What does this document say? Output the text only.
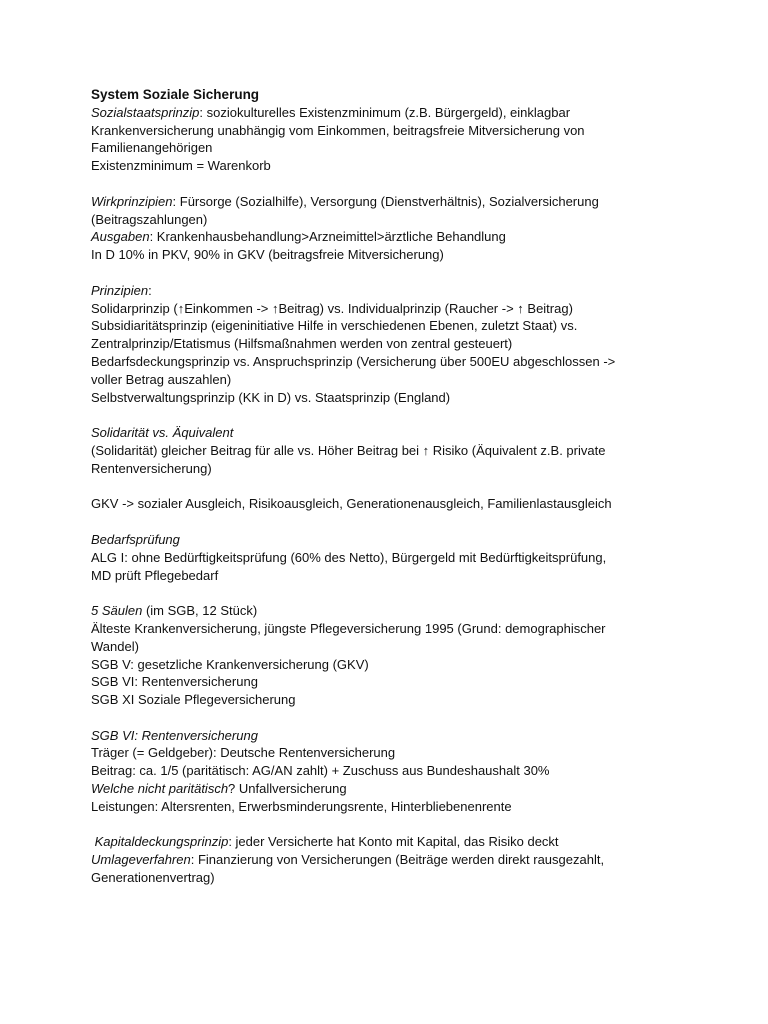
System Soziale Sicherung
Sozialstaatsprinzip: soziokulturelles Existenzminimum (z.B. Bürgergeld), einklagbar
Krankenversicherung unabhängig vom Einkommen, beitragsfreie Mitversicherung von
Familienangehörigen
Existenzminimum = Warenkorb
Wirkprinzipien: Fürsorge (Sozialhilfe), Versorgung (Dienstverhältnis), Sozialversicherung
(Beitragszahlungen)
Ausgaben: Krankenhausbehandlung>Arzneimittel>ärztliche Behandlung
In D 10% in PKV, 90% in GKV (beitragsfreie Mitversicherung)
Prinzipien:
Solidarprinzip (↑Einkommen -> ↑Beitrag) vs. Individualprinzip (Raucher -> ↑ Beitrag)
Subsidiaritätsprinzip (eigeninitiative Hilfe in verschiedenen Ebenen, zuletzt Staat) vs.
Zentralprinzip/Etatismus (Hilfsmaßnahmen werden von zentral gesteuert)
Bedarfsdeckungsprinzip vs. Anspruchsprinzip (Versicherung über 500EU abgeschlossen ->
voller Betrag auszahlen)
Selbstverwaltungsprinzip (KK in D) vs. Staatsprinzip (England)
Solidarität vs. Äquivalent
(Solidarität) gleicher Beitrag für alle vs. Höher Beitrag bei ↑ Risiko (Äquivalent z.B. private
Rentenversicherung)
GKV -> sozialer Ausgleich, Risikoausgleich, Generationenausgleich, Familienlastausgleich
Bedarfsprüfung
ALG I: ohne Bedürftigkeitsprüfung (60% des Netto), Bürgergeld mit Bedürftigkeitsprüfung,
MD prüft Pflegebedarf
5 Säulen (im SGB, 12 Stück)
Älteste Krankenversicherung, jüngste Pflegeversicherung 1995 (Grund: demographischer
Wandel)
SGB V: gesetzliche Krankenversicherung (GKV)
SGB VI: Rentenversicherung
SGB XI Soziale Pflegeversicherung
SGB VI: Rentenversicherung
Träger (= Geldgeber): Deutsche Rentenversicherung
Beitrag: ca. 1/5 (paritätisch: AG/AN zahlt) + Zuschuss aus Bundeshaushalt 30%
Welche nicht paritätisch? Unfallversicherung
Leistungen: Altersrenten, Erwerbsminderungsrente, Hinterbliebenenrente
Kapitaldeckungsprinzip: jeder Versicherte hat Konto mit Kapital, das Risiko deckt
Umlageverfahren: Finanzierung von Versicherungen (Beiträge werden direkt rausgezahlt,
Generationenvertrag)
